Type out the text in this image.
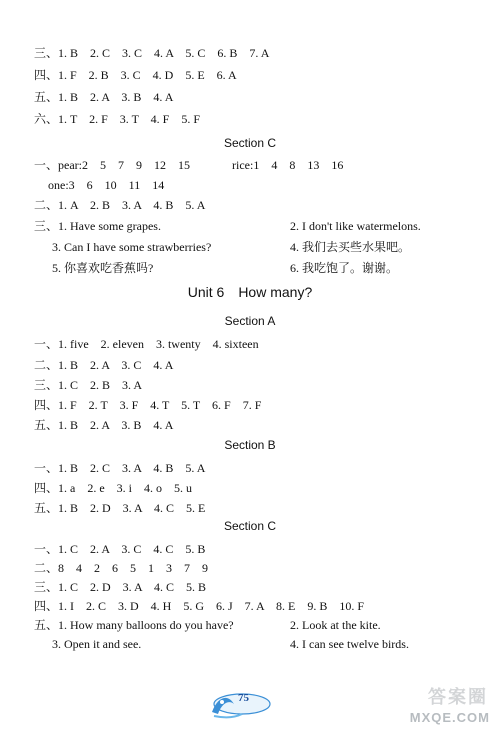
三、1. B　2. C　3. C　4. A　5. C　6. B　7. A
四、1. F　2. B　3. C　4. D　5. E　6. A
五、1. B　2. A　3. B　4. A
六、1. T　2. F　3. T　4. F　5. F
Section C
一、pear:2　5　7　9　12　15	rice:1　4　8　13　16
one:3　6　10　11　14
二、1. A　2. B　3. A　4. B　5. A
三、1. Have some grapes.	2. I don't like watermelons.
3. Can I have some strawberries?	4. 我们去买些水果吧。
5. 你喜欢吃香蕉吗?	6. 我吃饱了。谢谢。
Unit 6　How many?
Section A
一、1. five　2. eleven　3. twenty　4. sixteen
二、1. B　2. A　3. C　4. A
三、1. C　2. B　3. A
四、1. F　2. T　3. F　4. T　5. T　6. F　7. F
五、1. B　2. A　3. B　4. A
Section B
一、1. B　2. C　3. A　4. B　5. A
四、1. a　2. e　3. i　4. o　5. u
五、1. B　2. D　3. A　4. C　5. E
Section C
一、1. C　2. A　3. C　4. C　5. B
二、8　4　2　6　5　1　3　7　9
三、1. C　2. D　3. A　4. C　5. B
四、1. I　2. C　3. D　4. H　5. G　6. J　7. A　8. E　9. B　10. F
五、1. How many balloons do you have?	2. Look at the kite.
3. Open it and see.	4. I can see twelve birds.
75	答案圈
MXQE.COM
